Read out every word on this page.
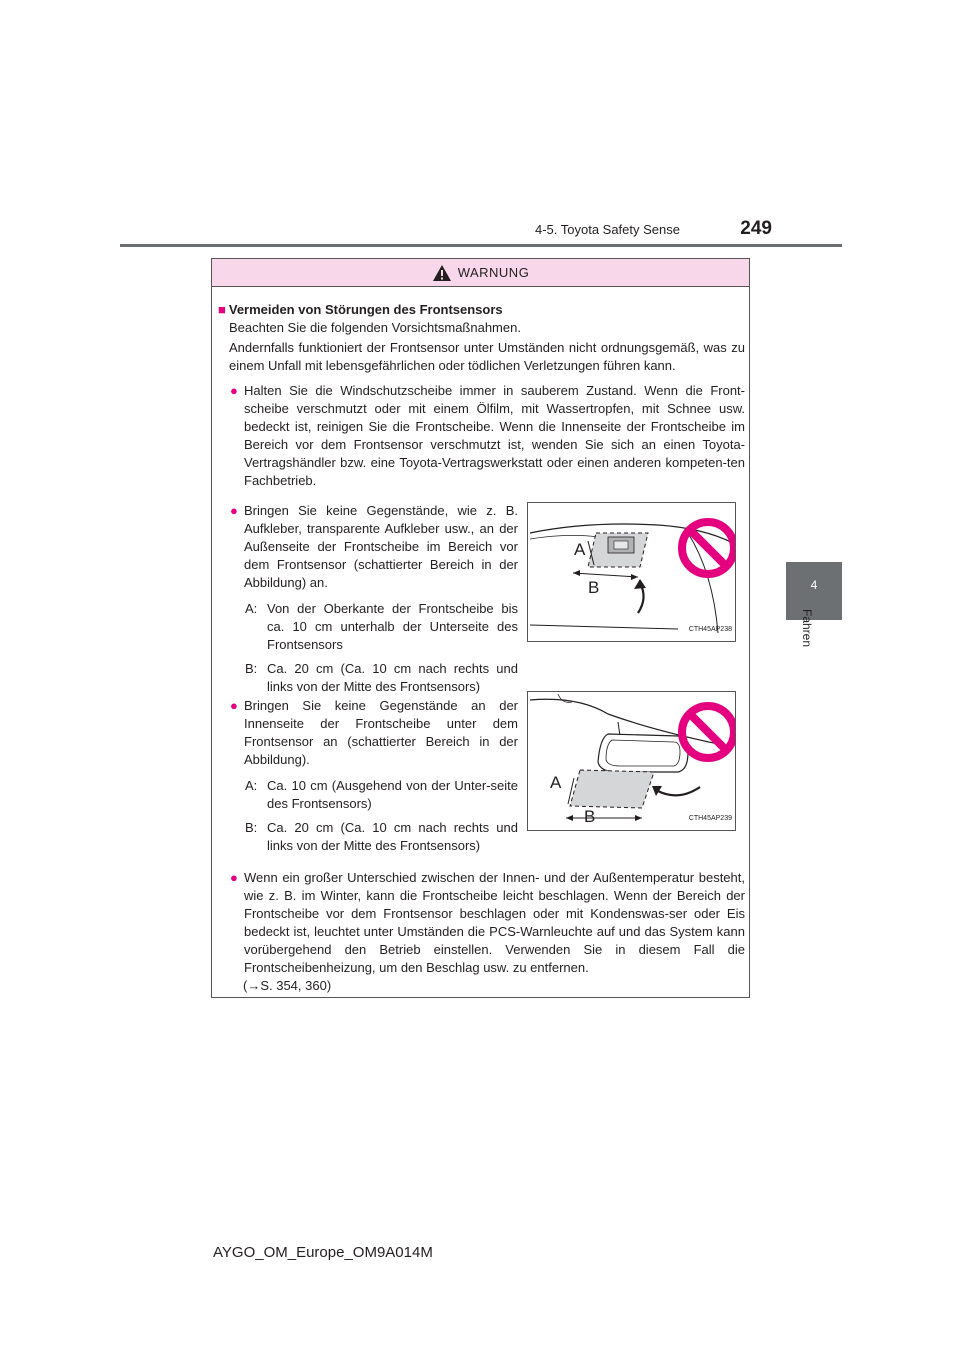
4-5. Toyota Safety Sense	249
4
Fahren
WARNUNG
■ Vermeiden von Störungen des Frontsensors

Beachten Sie die folgenden Vorsichtsmaßnahmen.

Andernfalls funktioniert der Frontsensor unter Umständen nicht ordnungsgemäß, was zu einem Unfall mit lebensgefährlichen oder tödlichen Verletzungen führen kann.

● Halten Sie die Windschutzscheibe immer in sauberem Zustand. Wenn die Front-scheibe verschmutzt oder mit einem Ölfilm, mit Wassertropfen, mit Schnee usw. bedeckt ist, reinigen Sie die Frontscheibe. Wenn die Innenseite der Frontscheibe im Bereich vor dem Frontsensor verschmutzt ist, wenden Sie sich an einen Toyota-Vertragshändler bzw. eine Toyota-Vertragswerkstatt oder einen anderen kompeten-ten Fachbetrieb.
● Bringen Sie keine Gegenstände, wie z. B. Aufkleber, transparente Aufkleber usw., an der Außenseite der Frontscheibe im Bereich vor dem Frontsensor (schattierter Bereich in der Abbildung) an.
A: Von der Oberkante der Frontscheibe bis ca. 10 cm unterhalb der Unterseite des Frontsensors
B: Ca. 20 cm (Ca. 10 cm nach rechts und links von der Mitte des Frontsensors)
A
B
CTH45AP238
● Bringen Sie keine Gegenstände an der Innenseite der Frontscheibe unter dem Frontsensor an (schattierter Bereich in der Abbildung).
A: Ca. 10 cm (Ausgehend von der Unter-seite des Frontsensors)
B: Ca. 20 cm (Ca. 10 cm nach rechts und links von der Mitte des Frontsensors)
A
B	CTH45AP239
● Wenn ein großer Unterschied zwischen der Innen- und der Außentemperatur besteht, wie z. B. im Winter, kann die Frontscheibe leicht beschlagen. Wenn der Bereich der Frontscheibe vor dem Frontsensor beschlagen oder mit Kondenswas-ser oder Eis bedeckt ist, leuchtet unter Umständen die PCS-Warnleuchte auf und das System kann vorübergehend den Betrieb einstellen. Verwenden Sie in diesem Fall die Frontscheibenheizung, um den Beschlag usw. zu entfernen.

(→S. 354, 360)

AYGO_OM_Europe_OM9A014M
